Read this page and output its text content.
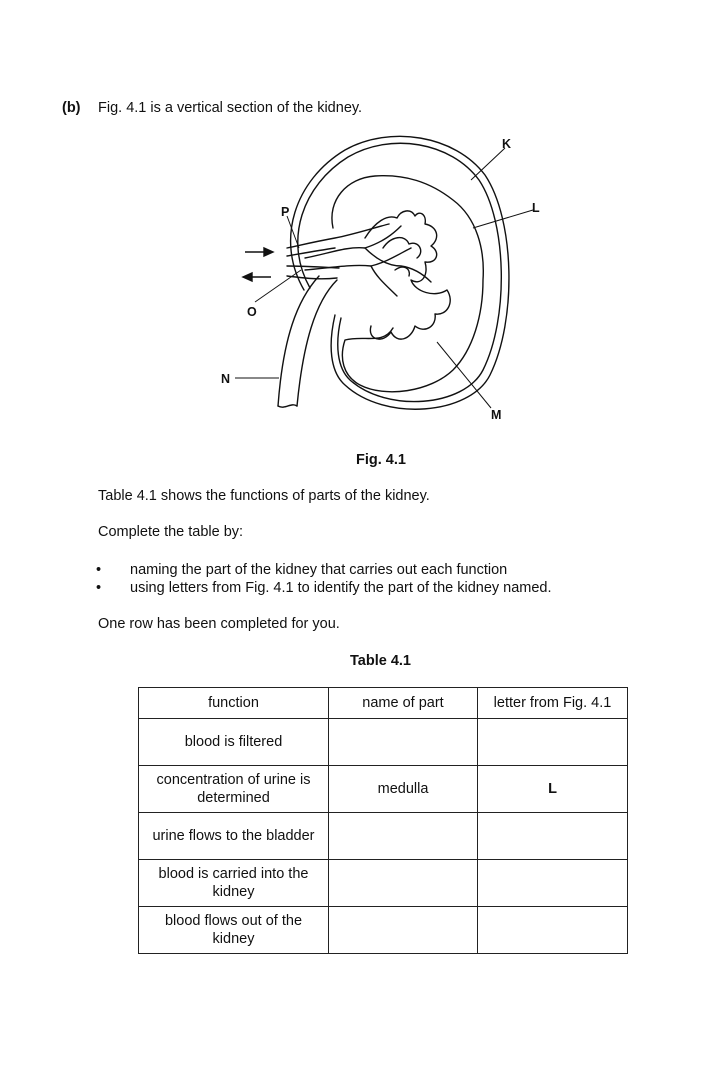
(b) Fig. 4.1 is a vertical section of the kidney.
K
L
M
N
O
P
Fig. 4.1
Table 4.1 shows the functions of parts of the kidney.
Complete the table by:
• naming the part of the kidney that carries out each function
• using letters from Fig. 4.1 to identify the part of the kidney named.
One row has been completed for you.
Table 4.1
function	name of part	letter from Fig. 4.1
blood is filtered		
concentration of urine is determined	medulla	L
urine flows to the bladder		
blood is carried into the kidney		
blood flows out of the kidney		
